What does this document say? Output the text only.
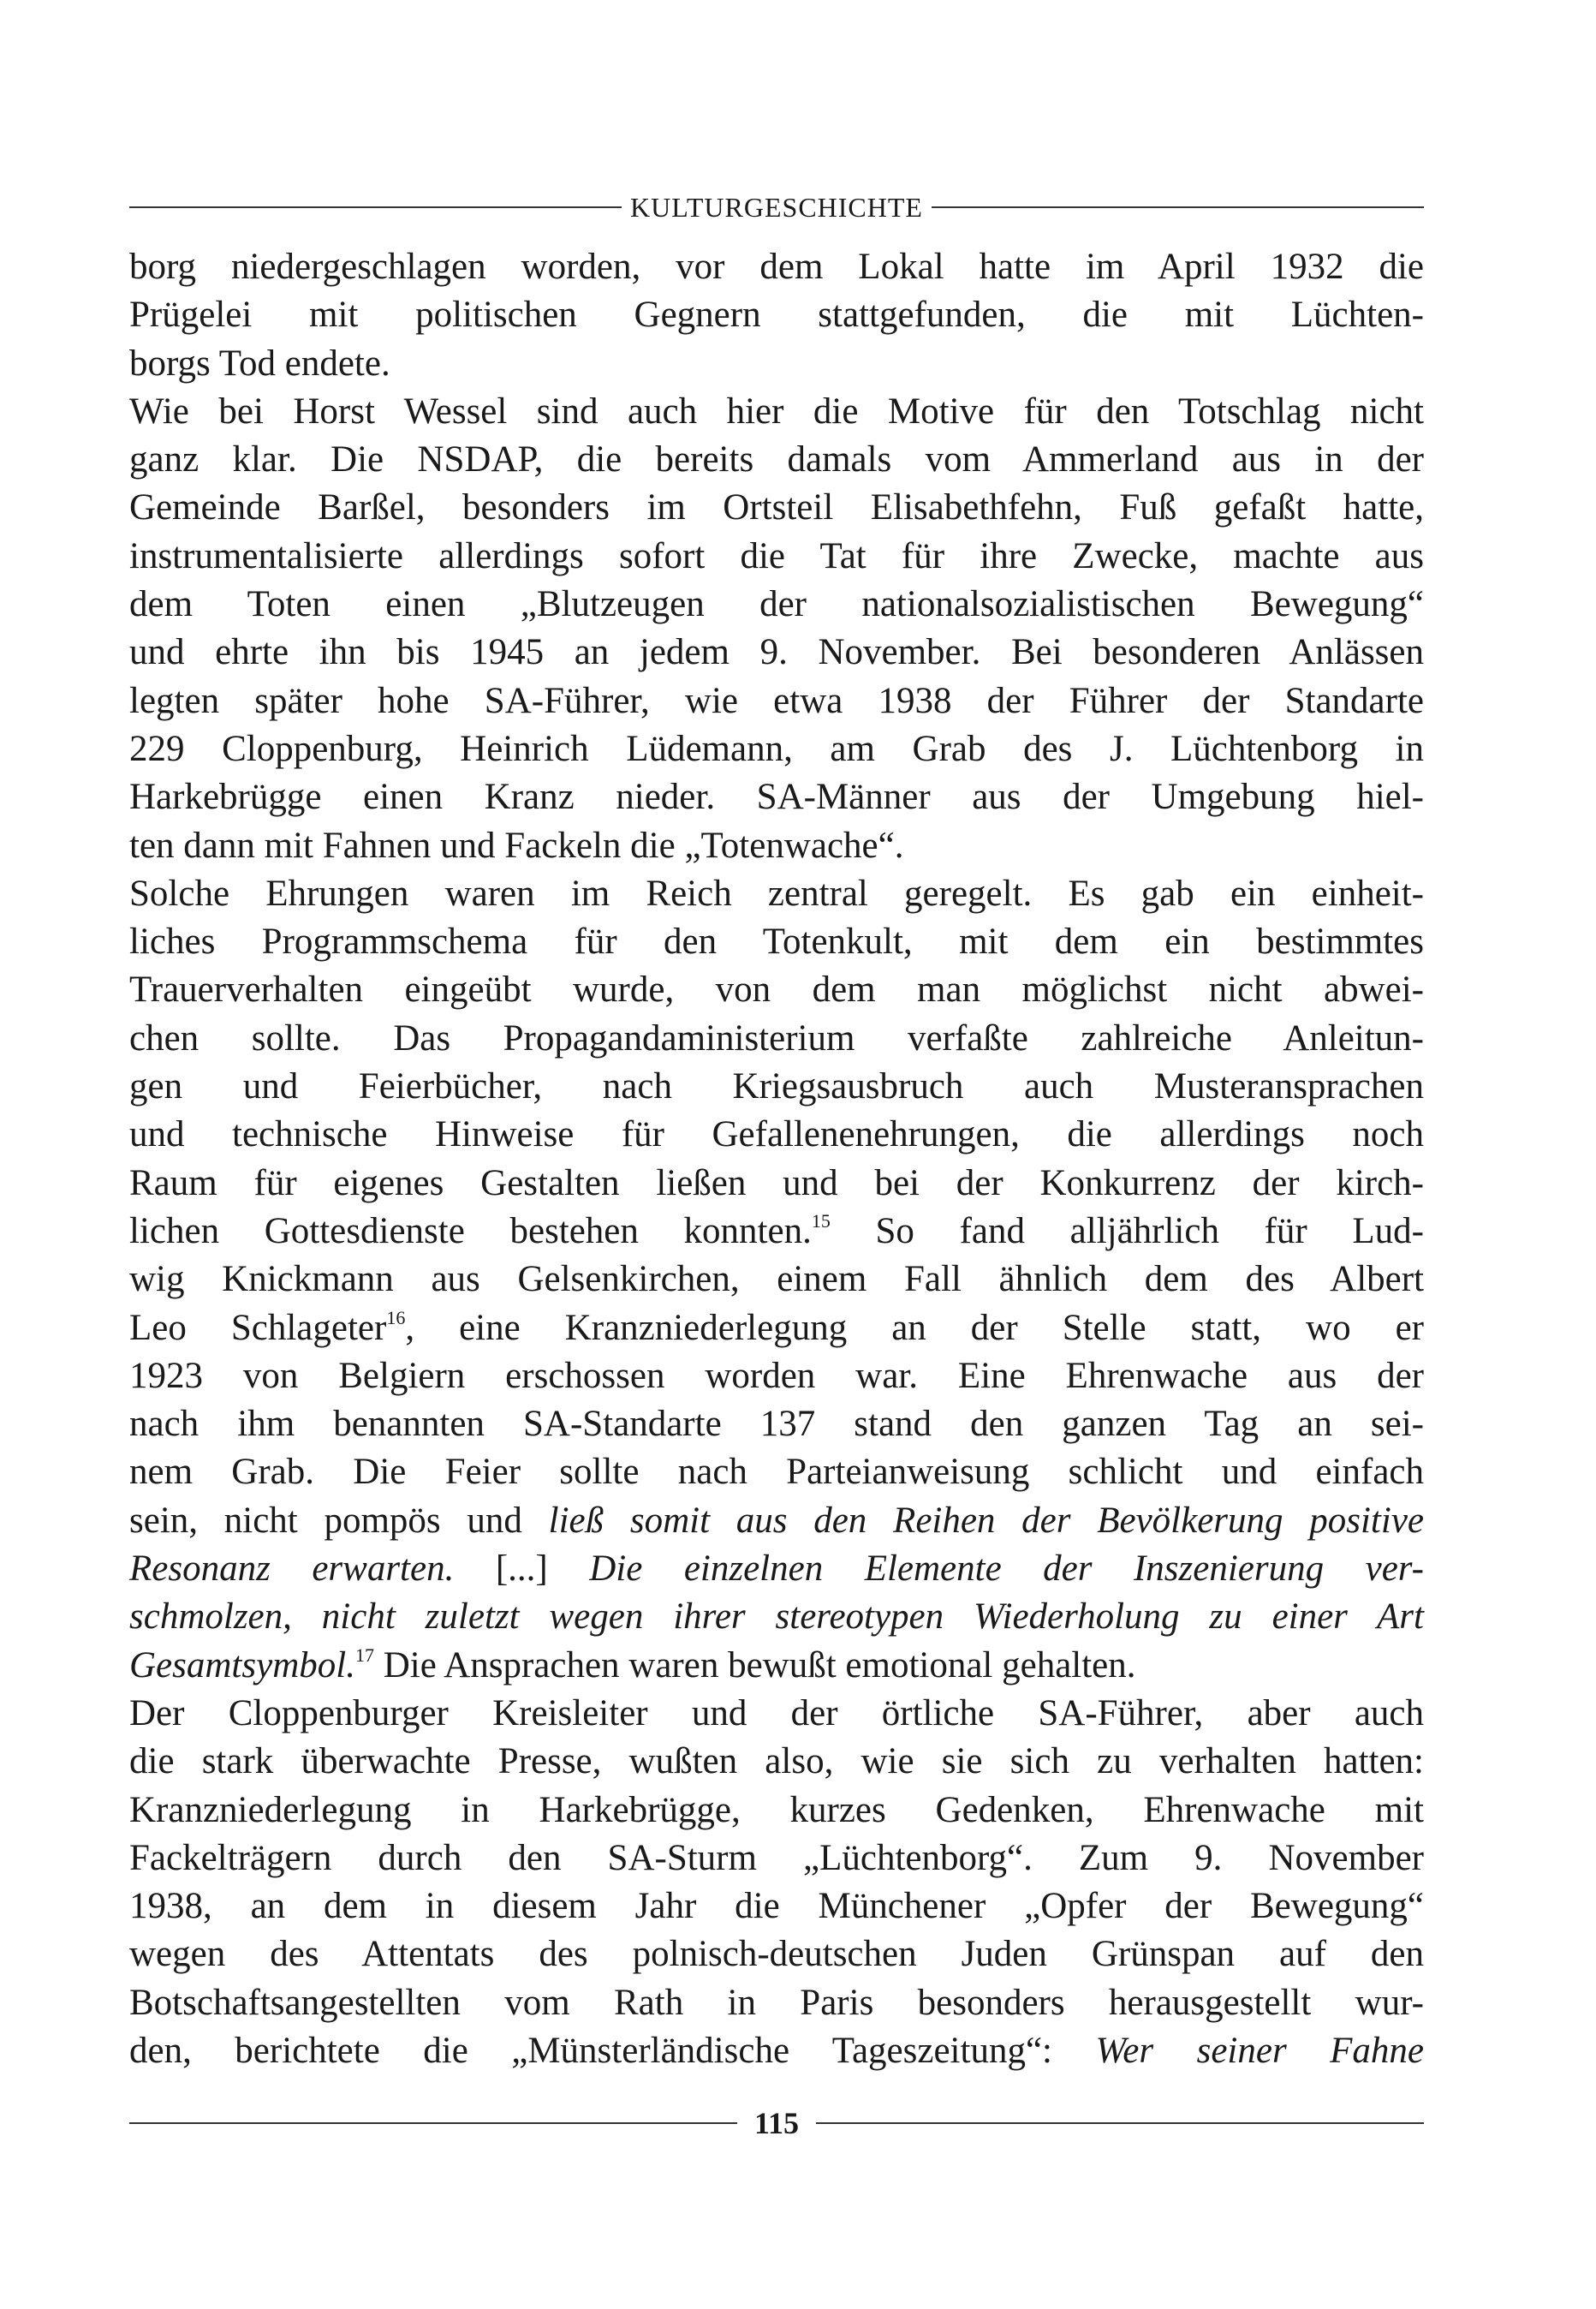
KULTURGESCHICHTE
borg niedergeschlagen worden, vor dem Lokal hatte im April 1932 die
Prügelei mit politischen Gegnern stattgefunden, die mit Lüchten-
borgs Tod endete.
Wie bei Horst Wessel sind auch hier die Motive für den Totschlag nicht
ganz klar. Die NSDAP, die bereits damals vom Ammerland aus in der
Gemeinde Barßel, besonders im Ortsteil Elisabethfehn, Fuß gefaßt hatte,
instrumentalisierte allerdings sofort die Tat für ihre Zwecke, machte aus
dem Toten einen „Blutzeugen der nationalsozialistischen Bewegung“
und ehrte ihn bis 1945 an jedem 9. November. Bei besonderen Anlässen
legten später hohe SA-Führer, wie etwa 1938 der Führer der Standarte
229 Cloppenburg, Heinrich Lüdemann, am Grab des J. Lüchtenborg in
Harkebrügge einen Kranz nieder. SA-Männer aus der Umgebung hiel-
ten dann mit Fahnen und Fackeln die „Totenwache“.
Solche Ehrungen waren im Reich zentral geregelt. Es gab ein einheit-
liches Programmschema für den Totenkult, mit dem ein bestimmtes
Trauerverhalten eingeübt wurde, von dem man möglichst nicht abwei-
chen sollte. Das Propagandaministerium verfaßte zahlreiche Anleitun-
gen und Feierbücher, nach Kriegsausbruch auch Musteransprachen
und technische Hinweise für Gefallenenehrungen, die allerdings noch
Raum für eigenes Gestalten ließen und bei der Konkurrenz der kirch-
lichen Gottesdienste bestehen konnten.$^{15}$ So fand alljährlich für Lud-
wig Knickmann aus Gelsenkirchen, einem Fall ähnlich dem des Albert
Leo Schlageter$^{16}$, eine Kranzniederlegung an der Stelle statt, wo er
1923 von Belgiern erschossen worden war. Eine Ehrenwache aus der
nach ihm benannten SA-Standarte 137 stand den ganzen Tag an sei-
nem Grab. Die Feier sollte nach Parteianweisung schlicht und einfach
sein, nicht pompös und ließ somit aus den Reihen der Bevölkerung positive
Resonanz erwarten. [...] Die einzelnen Elemente der Inszenierung ver-
schmolzen, nicht zuletzt wegen ihrer stereotypen Wiederholung zu einer Art
Gesamtsymbol.$^{17}$ Die Ansprachen waren bewußt emotional gehalten.
Der Cloppenburger Kreisleiter und der örtliche SA-Führer, aber auch
die stark überwachte Presse, wußten also, wie sie sich zu verhalten hatten:
Kranzniederlegung in Harkebrügge, kurzes Gedenken, Ehrenwache mit
Fackelträgern durch den SA-Sturm „Lüchtenborg“. Zum 9. November
1938, an dem in diesem Jahr die Münchener „Opfer der Bewegung“
wegen des Attentats des polnisch-deutschen Juden Grünspan auf den
Botschaftsangestellten vom Rath in Paris besonders herausgestellt wur-
den, berichtete die „Münsterländische Tageszeitung“: Wer seiner Fahne
115
